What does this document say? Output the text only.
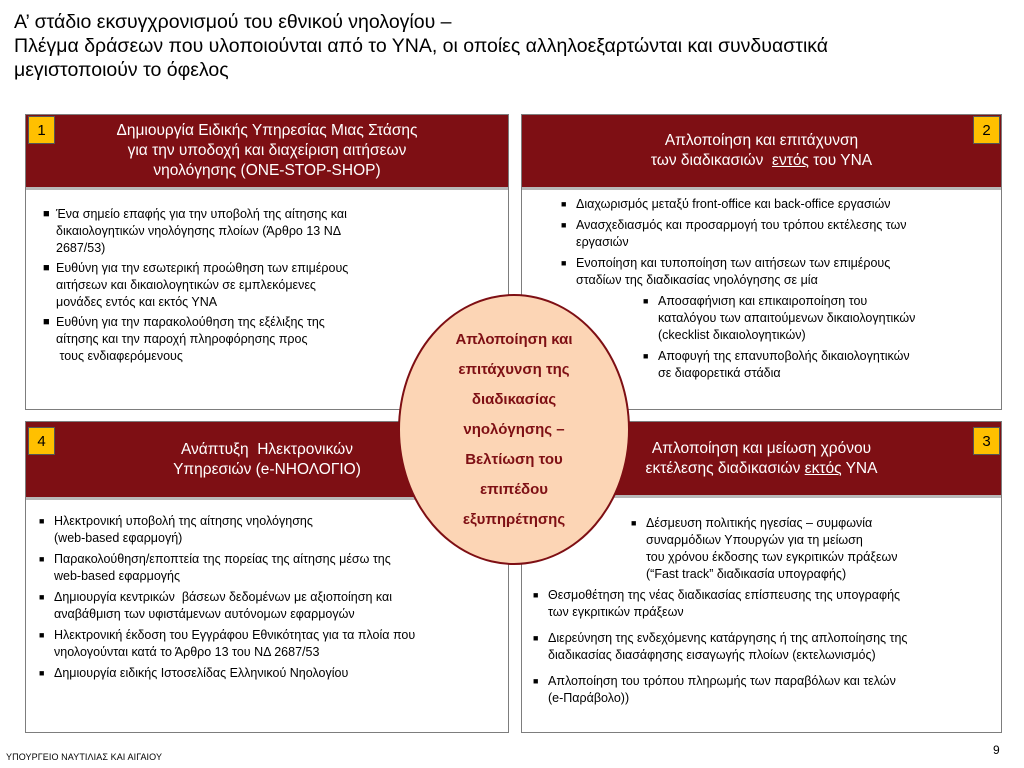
Α’ στάδιο εκσυγχρονισμού του εθνικού νηολογίου –
Πλέγμα δράσεων που υλοποιούνται από το ΥΝΑ, οι οποίες αλληλοεξαρτώνται και συνδυαστικά
μεγιστοποιούν το όφελος
Δημιουργία Ειδικής Υπηρεσίας Μιας Στάσης
για την υποδοχή και διαχείριση αιτήσεων
νηολόγησης (ONE-STOP-SHOP)
■ Ένα σημείο επαφής για την υποβολή της αίτησης και
δικαιολογητικών νηολόγησης πλοίων (Άρθρο 13 ΝΔ
2687/53)
■ Ευθύνη για την εσωτερική προώθηση των επιμέρους
αιτήσεων και δικαιολογητικών σε εμπλεκόμενες
μονάδες εντός και εκτός ΥΝΑ
■ Ευθύνη για την παρακολούθηση της εξέλιξης της
αίτησης και την παροχή πληροφόρησης προς
τους ενδιαφερόμενους
1
Απλοποίηση και επιτάχυνση
των διαδικασιών  εντός του ΥΝΑ
■ Διαχωρισμός μεταξύ front-office και back-office εργασιών
■ Ανασχεδιασμός και προσαρμογή του τρόπου εκτέλεσης των
εργασιών
■ Ενοποίηση και τυποποίηση των αιτήσεων των επιμέρους
σταδίων της διαδικασίας νηολόγησης σε μία
■ Αποσαφήνιση και επικαιροποίηση του
καταλόγου των απαιτούμενων δικαιολογητικών
(ckecklist δικαιολογητικών)
■ Αποφυγή της επανυποβολής δικαιολογητικών
σε διαφορετικά στάδια
2
Ανάπτυξη  Ηλεκτρονικών
Υπηρεσιών (e-ΝΗΟΛΟΓΙΟ)
■ Ηλεκτρονική υποβολή της αίτησης νηολόγησης
(web-based εφαρμογή)
■ Παρακολούθηση/εποπτεία της πορείας της αίτησης μέσω της
web-based εφαρμογής
■ Δημιουργία κεντρικών  βάσεων δεδομένων με αξιοποίηση και
αναβάθμιση των υφιστάμενων αυτόνομων εφαρμογών
■ Ηλεκτρονική έκδοση του Εγγράφου Εθνικότητας για τα πλοία που
νηολογούνται κατά το Άρθρο 13 του ΝΔ 2687/53
■ Δημιουργία ειδικής Ιστοσελίδας Ελληνικού Νηολογίου
4	Απλοποίηση και μείωση χρόνου
εκτέλεσης διαδικασιών εκτός ΥΝΑ
■ Δέσμευση πολιτικής ηγεσίας – συμφωνία
συναρμόδιων Υπουργών για τη μείωση
του χρόνου έκδοσης των εγκριτικών πράξεων
(“Fast track” διαδικασία υπογραφής)
■ Θεσμοθέτηση της νέας διαδικασίας επίσπευσης της υπογραφής
των εγκριτικών πράξεων
■ Διερεύνηση της ενδεχόμενης κατάργησης ή της απλοποίησης της
διαδικασίας διασάφησης εισαγωγής πλοίων (εκτελωνισμός)
■ Απλοποίηση του τρόπου πληρωμής των παραβόλων και τελών
(e-Παράβολο))
3
Απλοποίηση και
επιτάχυνση της
διαδικασίας
νηολόγησης –
Βελτίωση του
επιπέδου
εξυπηρέτησης
ΥΠΟΥΡΓΕΙΟ ΝΑΥΤΙΛΙΑΣ ΚΑΙ ΑΙΓΑΙΟΥ	9
